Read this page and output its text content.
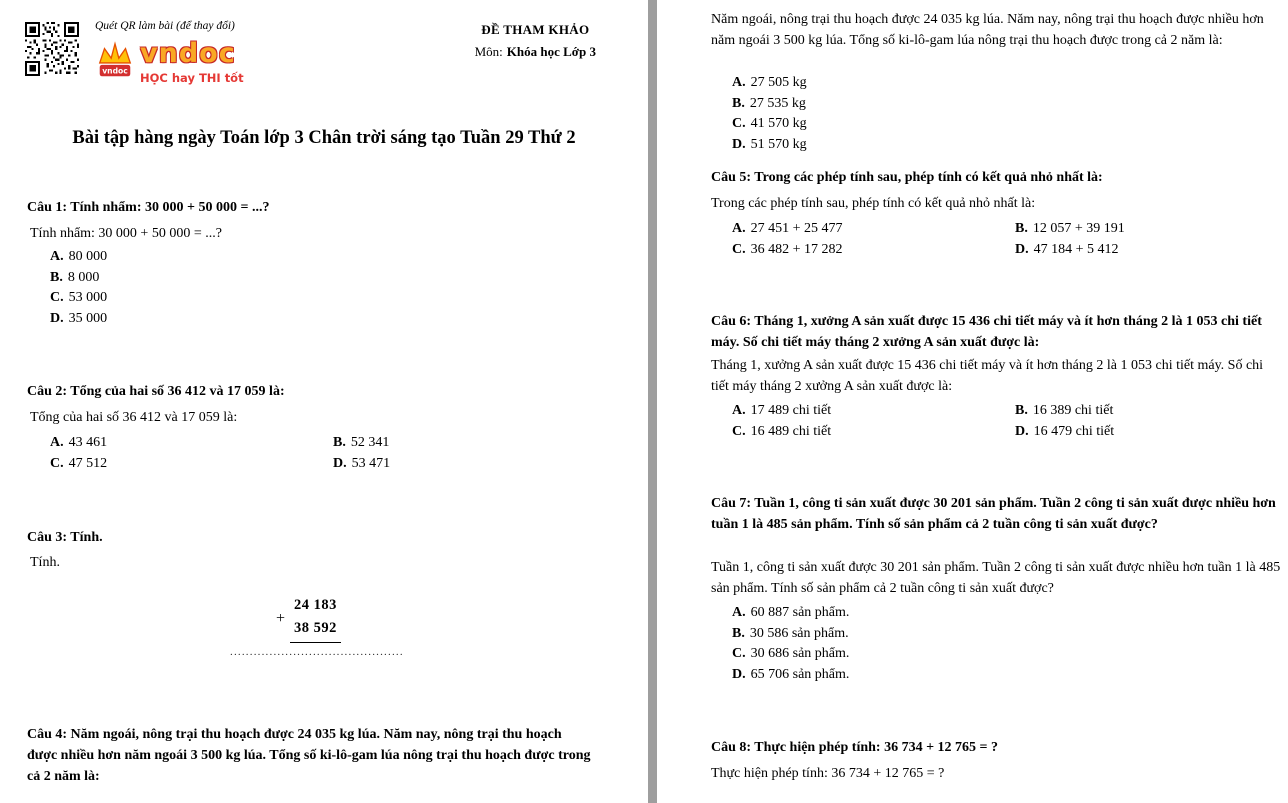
Quét QR làm bài (để thay đổi)
vndoc
vndoc
HỌC hay THI tốt
ĐỀ THAM KHẢO
Môn: Khóa học Lớp 3
Bài tập hàng ngày Toán lớp 3 Chân trời sáng tạo Tuần 29 Thứ 2
Câu 1: Tính nhẩm: 30 000 + 50 000 = ...?
Tính nhẩm: 30 000 + 50 000 = ...?
A. 80 000
B. 8 000
C. 53 000
D. 35 000
Câu 2: Tổng của hai số 36 412 và 17 059 là:
Tổng của hai số 36 412 và 17 059 là:
A. 43 461	B. 52 341
C. 47 512	D. 53 471
Câu 3: Tính.
Tính.
+
24 183
38 592
............................................
Câu 4: Năm ngoái, nông trại thu hoạch được 24 035 kg lúa. Năm nay, nông trại thu hoạch được nhiều hơn năm ngoái 3 500 kg lúa. Tổng số ki-lô-gam lúa nông trại thu hoạch được trong cả 2 năm là:
Năm ngoái, nông trại thu hoạch được 24 035 kg lúa. Năm nay, nông trại thu hoạch được nhiều hơn năm ngoái 3 500 kg lúa. Tổng số ki-lô-gam lúa nông trại thu hoạch được trong cả 2 năm là:
A. 27 505 kg
B. 27 535 kg
C. 41 570 kg
D. 51 570 kg
Câu 5: Trong các phép tính sau, phép tính có kết quả nhỏ nhất là:
Trong các phép tính sau, phép tính có kết quả nhỏ nhất là:
A. 27 451 + 25 477	B. 12 057 + 39 191
C. 36 482 + 17 282	D. 47 184 + 5 412
Câu 6: Tháng 1, xưởng A sản xuất được 15 436 chi tiết máy và ít hơn tháng 2 là 1 053 chi tiết máy. Số chi tiết máy tháng 2 xưởng A sản xuất được là:
Tháng 1, xưởng A sản xuất được 15 436 chi tiết máy và ít hơn tháng 2 là 1 053 chi tiết máy. Số chi tiết máy tháng 2 xưởng A sản xuất được là:
A. 17 489 chi tiết	B. 16 389 chi tiết
C. 16 489 chi tiết	D. 16 479 chi tiết
Câu 7: Tuần 1, công ti sản xuất được 30 201 sản phẩm. Tuần 2 công ti sản xuất được nhiều hơn tuần 1 là 485 sản phẩm. Tính số sản phẩm cả 2 tuần công ti sản xuất được?
Tuần 1, công ti sản xuất được 30 201 sản phẩm. Tuần 2 công ti sản xuất được nhiều hơn tuần 1 là 485 sản phẩm. Tính số sản phẩm cả 2 tuần công ti sản xuất được?
A. 60 887 sản phẩm.
B. 30 586 sản phẩm.
C. 30 686 sản phẩm.
D. 65 706 sản phẩm.
Câu 8: Thực hiện phép tính: 36 734 + 12 765 = ?
Thực hiện phép tính: 36 734 + 12 765 = ?
